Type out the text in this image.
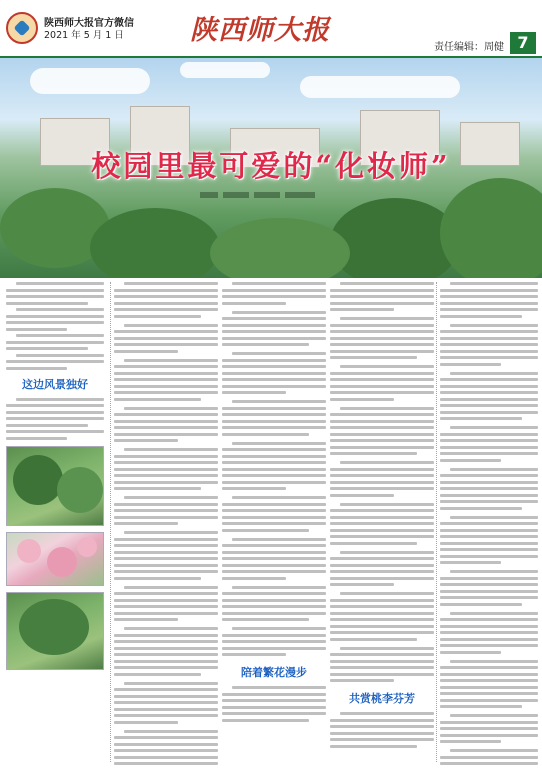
陕西师大报官方微信
2021 年 5 月 1 日 陕西师大报
责任编辑：周健 7
校园里最可爱的“化妆师”
这边风景独好
陪着繁花漫步
共赏桃李芬芳
